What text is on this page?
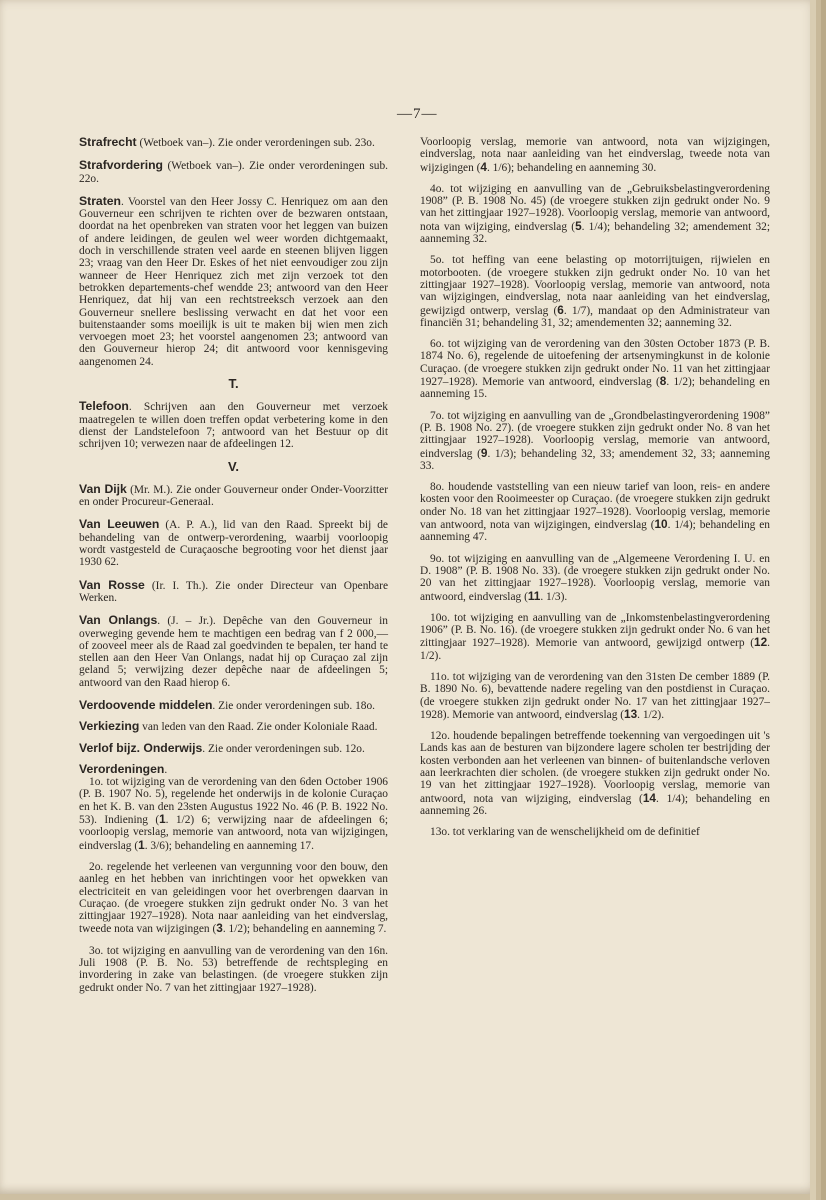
—7—

Strafrecht (Wetboek van–). Zie onder verordeningen sub. 23o.

Strafvordering (Wetboek van–). Zie onder verordeningen sub. 22o.

Straten. Voorstel van den Heer Jossy C. Henriquez om aan den Gouverneur een schrijven te richten over de bezwaren ontstaan, doordat na het openbreken van straten voor het leggen van buizen of andere leidingen, de geulen wel weer worden dichtgemaakt, doch in verschillende straten veel aarde en steenen blijven liggen 23; vraag van den Heer Dr. Eskes of het niet eenvoudiger zou zijn wanneer de Heer Henriquez zich met zijn verzoek tot den betrokken departements-chef wendde 23; antwoord van den Heer Henriquez, dat hij van een rechtstreeksch verzoek aan den Gouverneur snellere beslissing verwacht en dat het voor een buitenstaander soms moeilijk is uit te maken bij wien men zich vervoegen moet 23; het voorstel aangenomen 23; antwoord van den Gouverneur hierop 24; dit antwoord voor kennisgeving aangenomen 24.

T.

Telefoon. Schrijven aan den Gouverneur met verzoek maatregelen te willen doen treffen opdat verbetering kome in den dienst der Landstelefoon 7; antwoord van het Bestuur op dit schrijven 10; verwezen naar de afdeelingen 12.

V.

Van Dijk (Mr. M.). Zie onder Gouverneur onder Onder-Voorzitter en onder Procureur-Generaal.

Van Leeuwen (A. P. A.), lid van den Raad. Spreekt bij de behandeling van de ontwerp-verordening, waarbij voorloopig wordt vastgesteld de Curaçaosche begrooting voor het dienst jaar 1930 62.

Van Rosse (Ir. I. Th.). Zie onder Directeur van Openbare Werken.

Van Onlangs. (J. – Jr.). Depêche van den Gouverneur in overweging gevende hem te machtigen een bedrag van f 2 000,— of zooveel meer als de Raad zal goedvinden te bepalen, ter hand te stellen aan den Heer Van Onlangs, nadat hij op Curaçao zal zijn geland 5; verwijzing dezer depêche naar de afdeelingen 5; antwoord van den Raad hierop 6.

Verdoovende middelen. Zie onder verordeningen sub. 18o.

Verkiezing van leden van den Raad. Zie onder Koloniale Raad.

Verlof bijz. Onderwijs. Zie onder verordeningen sub. 12o.

Verordeningen.

1o. tot wijziging van de verordening van den 6den October 1906 (P. B. 1907 No. 5), regelende het onderwijs in de kolonie Curaçao en het K. B. van den 23sten Augustus 1922 No. 46 (P. B. 1922 No. 53). Indiening (1. 1/2) 6; verwijzing naar de afdeelingen 6; voorloopig verslag, memorie van antwoord, nota van wijzigingen, eindverslag (1. 3/6); behandeling en aanneming 17.

2o. regelende het verleenen van vergunning voor den bouw, den aanleg en het hebben van inrichtingen voor het opwekken van electriciteit en van geleidingen voor het overbrengen daarvan in Curaçao. (de vroegere stukken zijn gedrukt onder No. 3 van het zittingjaar 1927–1928). Nota naar aanleiding van het eindverslag, tweede nota van wijzigingen (3. 1/2); behandeling en aanneming 7.

3o. tot wijziging en aanvulling van de verordening van den 16n. Juli 1908 (P. B. No. 53) betreffende de rechtspleging en invordering in zake van belastingen. (de vroegere stukken zijn gedrukt onder No. 7 van het zittingjaar 1927–1928).

Voorloopig verslag, memorie van antwoord, nota van wijzigingen, eindverslag, nota naar aanleiding van het eindverslag, tweede nota van wijzigingen (4. 1/6); behandeling en aanneming 30.

4o. tot wijziging en aanvulling van de „Gebruiksbelastingverordening 1908” (P. B. 1908 No. 45) (de vroegere stukken zijn gedrukt onder No. 9 van het zittingjaar 1927–1928). Voorloopig verslag, memorie van antwoord, nota van wijziging, eindverslag (5. 1/4); behandeling 32; amendement 32; aanneming 32.

5o. tot heffing van eene belasting op motorrijtuigen, rijwielen en motorbooten. (de vroegere stukken zijn gedrukt onder No. 10 van het zittingjaar 1927–1928). Voorloopig verslag, memorie van antwoord, nota van wijzigingen, eindverslag, nota naar aanleiding van het eindverslag, gewijzigd ontwerp, verslag (6. 1/7), mandaat op den Administrateur van financiën 31; behandeling 31, 32; amendementen 32; aanneming 32.

6o. tot wijziging van de verordening van den 30sten October 1873 (P. B. 1874 No. 6), regelende de uitoefening der artsenymingkunst in de kolonie Curaçao. (de vroegere stukken zijn gedrukt onder No. 11 van het zittingjaar 1927–1928). Memorie van antwoord, eindverslag (8. 1/2); behandeling en aanneming 15.

7o. tot wijziging en aanvulling van de „Grondbelastingverordening 1908” (P. B. 1908 No. 27). (de vroegere stukken zijn gedrukt onder No. 8 van het zittingjaar 1927–1928). Voorloopig verslag, memorie van antwoord, eindverslag (9. 1/3); behandeling 32, 33; amendement 32, 33; aanneming 33.

8o. houdende vaststelling van een nieuw tarief van loon, reis- en andere kosten voor den Rooimeester op Curaçao. (de vroegere stukken zijn gedrukt onder No. 18 van het zittingjaar 1927–1928). Voorloopig verslag, memorie van antwoord, nota van wijzigingen, eindverslag (10. 1/4); behandeling en aanneming 47.

9o. tot wijziging en aanvulling van de „Algemeene Verordening I. U. en D. 1908” (P. B. 1908 No. 33). (de vroegere stukken zijn gedrukt onder No. 20 van het zittingjaar 1927–1928). Voorloopig verslag, memorie van antwoord, eindverslag (11. 1/3).

10o. tot wijziging en aanvulling van de „Inkomstenbelastingverordening 1906” (P. B. No. 16). (de vroegere stukken zijn gedrukt onder No. 6 van het zittingjaar 1927–1928). Memorie van antwoord, gewijzigd ontwerp (12. 1/2).

11o. tot wijziging van de verordening van den 31sten De cember 1889 (P. B. 1890 No. 6), bevattende nadere regeling van den postdienst in Curaçao. (de vroegere stukken zijn gedrukt onder No. 17 van het zittingjaar 1927–1928). Memorie van antwoord, eindverslag (13. 1/2).

12o. houdende bepalingen betreffende toekenning van vergoedingen uit 's Lands kas aan de besturen van bijzondere lagere scholen ter bestrijding der kosten verbonden aan het verleenen van binnen- of buitenlandsche verloven aan leerkrachten dier scholen. (de vroegere stukken zijn gedrukt onder No. 19 van het zittingjaar 1927–1928). Voorloopig verslag, memorie van antwoord, nota van wijziging, eindverslag (14. 1/4); behandeling en aanneming 26.

13o. tot verklaring van de wenschelijkheid om de definitief
